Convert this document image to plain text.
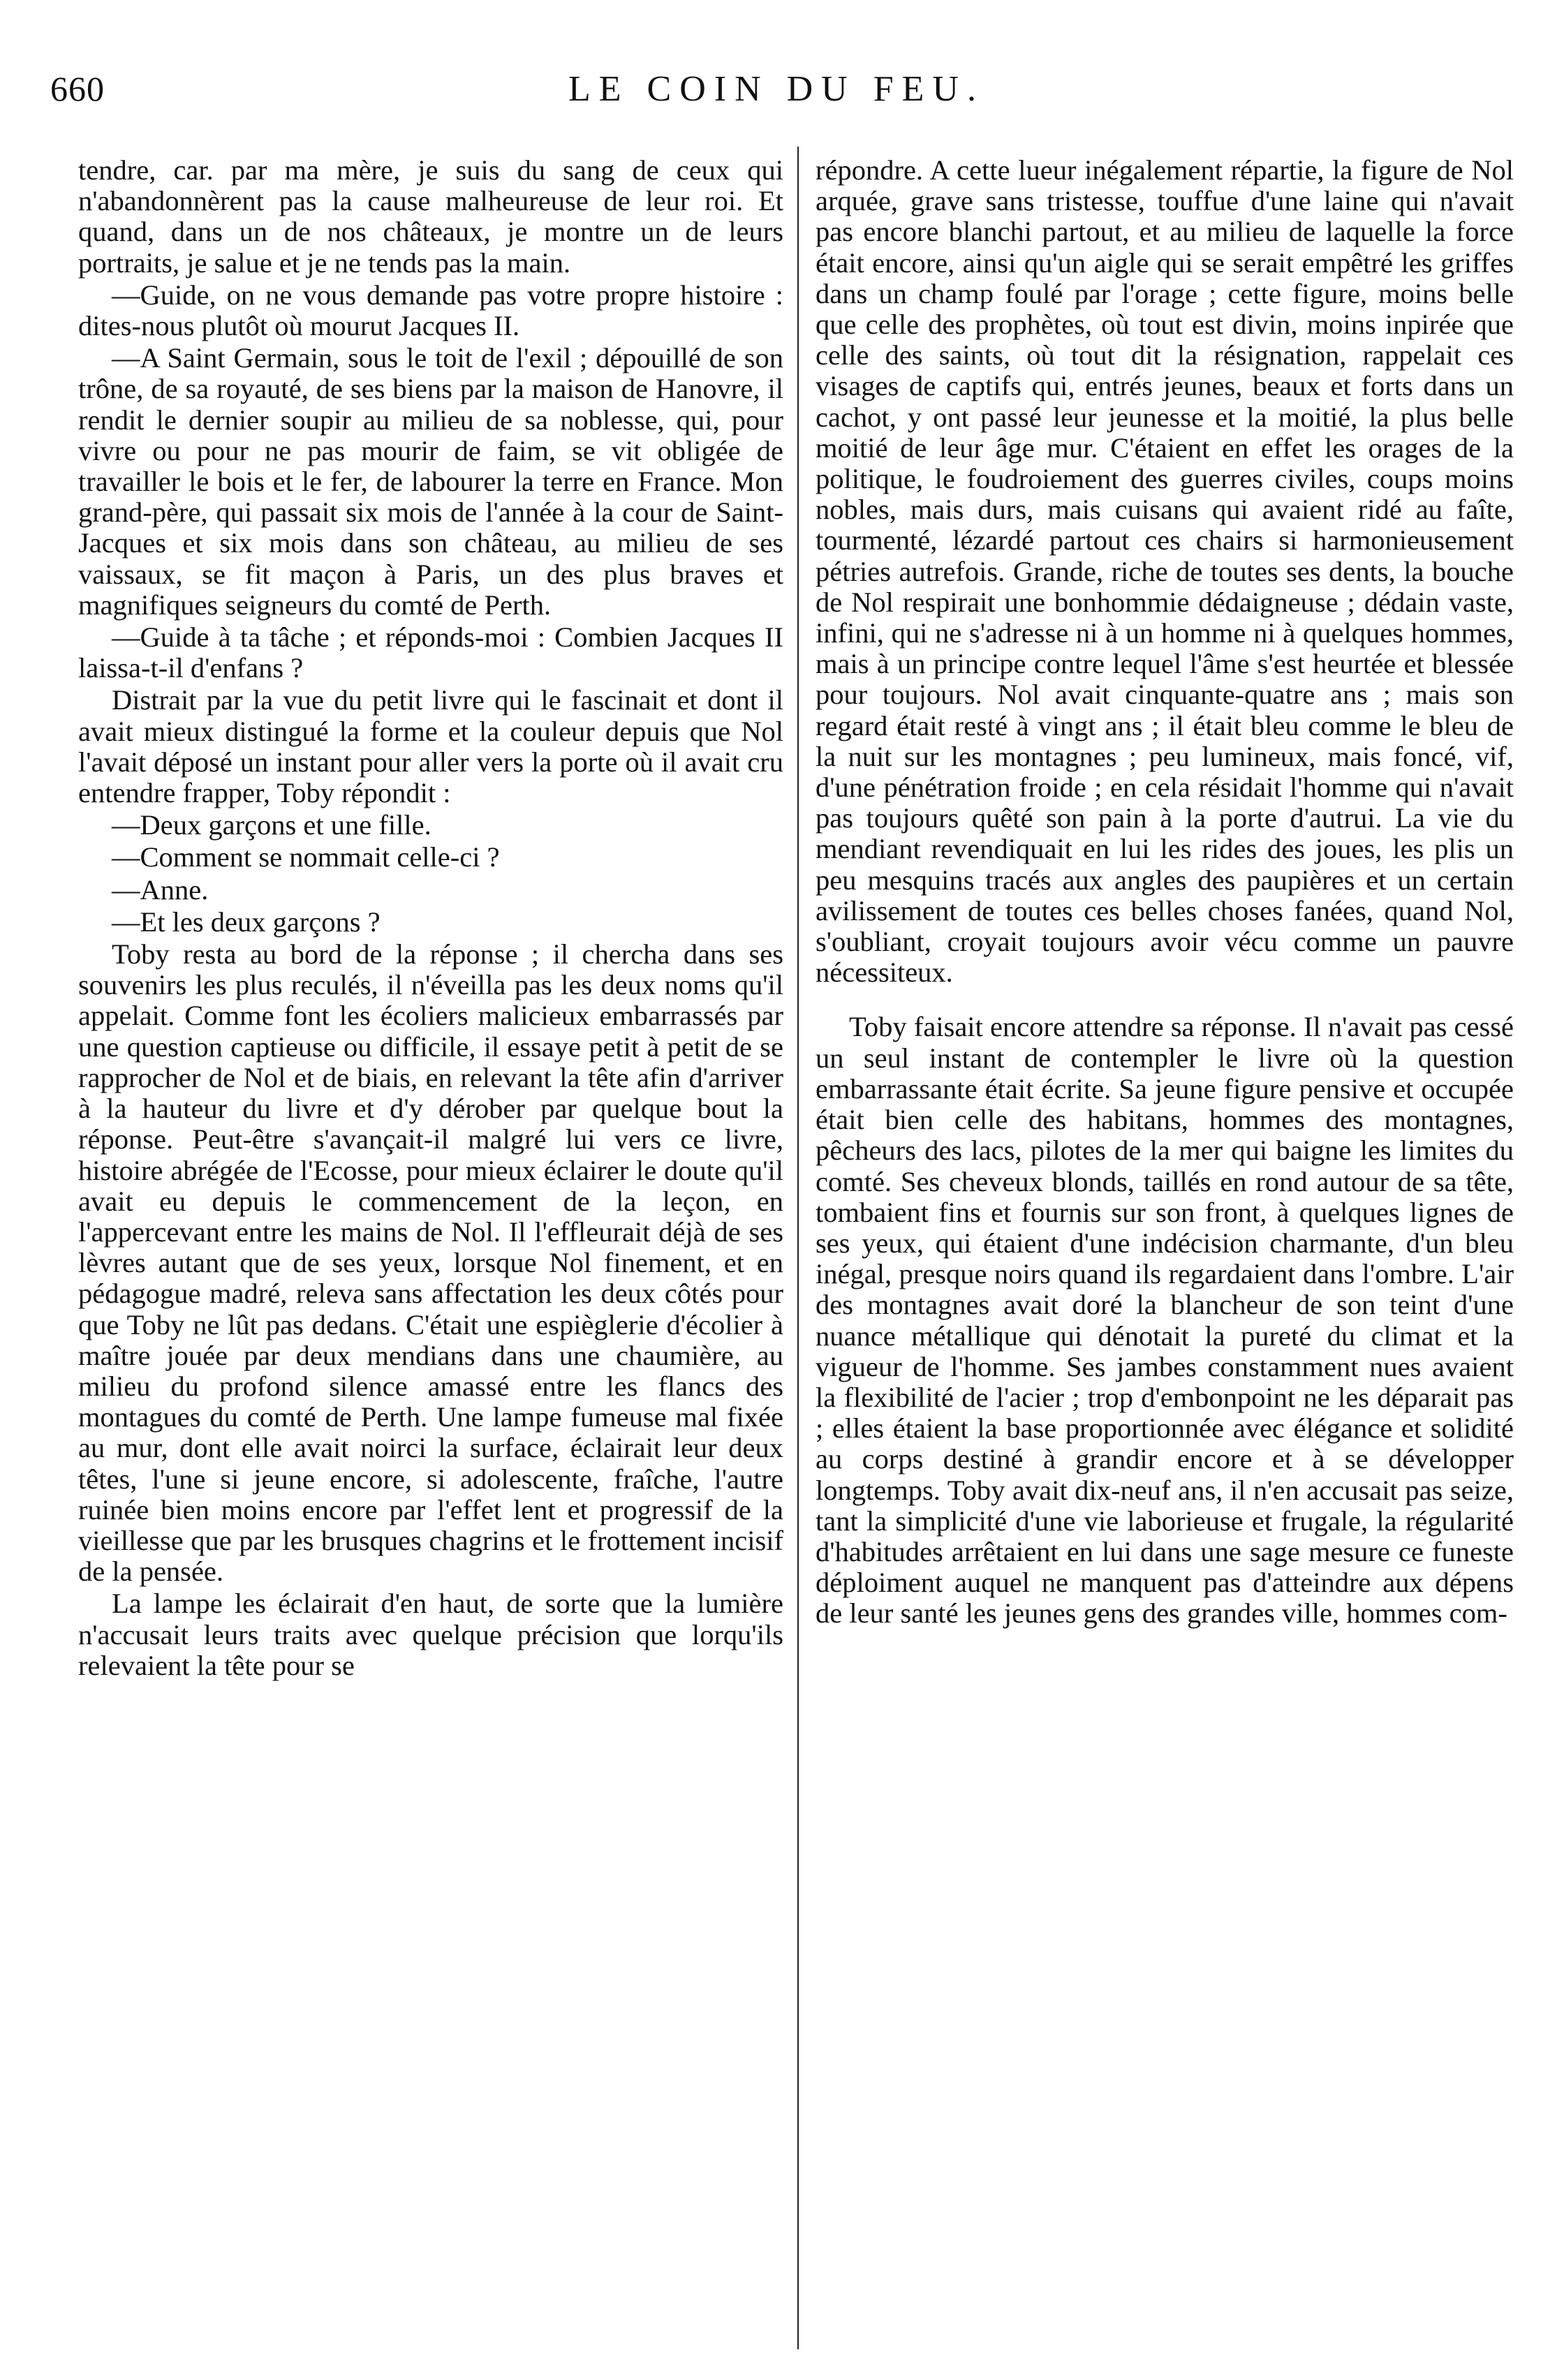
660	LE COIN DU FEU.

tendre, car. par ma mère, je suis du sang de ceux qui n'abandonnèrent pas la cause malheureuse de leur roi. Et quand, dans un de nos châteaux, je montre un de leurs portraits, je salue et je ne tends pas la main.

—Guide, on ne vous demande pas votre propre histoire : dites-nous plutôt où mourut Jacques II.

—A Saint Germain, sous le toit de l'exil ; dépouillé de son trône, de sa royauté, de ses biens par la maison de Hanovre, il rendit le dernier soupir au milieu de sa noblesse, qui, pour vivre ou pour ne pas mourir de faim, se vit obligée de travailler le bois et le fer, de labourer la terre en France. Mon grand-père, qui passait six mois de l'année à la cour de Saint-Jacques et six mois dans son château, au milieu de ses vaissaux, se fit maçon à Paris, un des plus braves et magnifiques seigneurs du comté de Perth.

—Guide à ta tâche ; et réponds-moi : Combien Jacques II laissa-t-il d'enfans ?

Distrait par la vue du petit livre qui le fascinait et dont il avait mieux distingué la forme et la couleur depuis que Nol l'avait déposé un instant pour aller vers la porte où il avait cru entendre frapper, Toby répondit :

—Deux garçons et une fille.

—Comment se nommait celle-ci ?

—Anne.

—Et les deux garçons ?

Toby resta au bord de la réponse ; il chercha dans ses souvenirs les plus reculés, il n'éveilla pas les deux noms qu'il appelait. Comme font les écoliers malicieux embarrassés par une question captieuse ou difficile, il essaye petit à petit de se rapprocher de Nol et de biais, en relevant la tête afin d'arriver à la hauteur du livre et d'y dérober par quelque bout la réponse. Peut-être s'avançait-il malgré lui vers ce livre, histoire abrégée de l'Ecosse, pour mieux éclairer le doute qu'il avait eu depuis le commencement de la leçon, en l'appercevant entre les mains de Nol. Il l'effleurait déjà de ses lèvres autant que de ses yeux, lorsque Nol finement, et en pédagogue madré, releva sans affectation les deux côtés pour que Toby ne lût pas dedans. C'était une espièglerie d'écolier à maître jouée par deux mendians dans une chaumière, au milieu du profond silence amassé entre les flancs des montagues du comté de Perth. Une lampe fumeuse mal fixée au mur, dont elle avait noirci la surface, éclairait leur deux têtes, l'une si jeune encore, si adolescente, fraîche, l'autre ruinée bien moins encore par l'effet lent et progressif de la vieillesse que par les brusques chagrins et le frottement incisif de la pensée.

La lampe les éclairait d'en haut, de sorte que la lumière n'accusait leurs traits avec quelque précision que lorqu'ils relevaient la tête pour se

répondre. A cette lueur inégalement répartie, la figure de Nol arquée, grave sans tristesse, touffue d'une laine qui n'avait pas encore blanchi partout, et au milieu de laquelle la force était encore, ainsi qu'un aigle qui se serait empêtré les griffes dans un champ foulé par l'orage ; cette figure, moins belle que celle des prophètes, où tout est divin, moins inpirée que celle des saints, où tout dit la résignation, rappelait ces visages de captifs qui, entrés jeunes, beaux et forts dans un cachot, y ont passé leur jeunesse et la moitié, la plus belle moitié de leur âge mur. C'étaient en effet les orages de la politique, le foudroiement des guerres civiles, coups moins nobles, mais durs, mais cuisans qui avaient ridé au faîte, tourmenté, lézardé partout ces chairs si harmonieusement pétries autrefois. Grande, riche de toutes ses dents, la bouche de Nol respirait une bonhommie dédaigneuse ; dédain vaste, infini, qui ne s'adresse ni à un homme ni à quelques hommes, mais à un principe contre lequel l'âme s'est heurtée et blessée pour toujours. Nol avait cinquante-quatre ans ; mais son regard était resté à vingt ans ; il était bleu comme le bleu de la nuit sur les montagnes ; peu lumineux, mais foncé, vif, d'une pénétration froide ; en cela résidait l'homme qui n'avait pas toujours quêté son pain à la porte d'autrui. La vie du mendiant revendiquait en lui les rides des joues, les plis un peu mesquins tracés aux angles des paupières et un certain avilissement de toutes ces belles choses fanées, quand Nol, s'oubliant, croyait toujours avoir vécu comme un pauvre nécessiteux.

Toby faisait encore attendre sa réponse. Il n'avait pas cessé un seul instant de contempler le livre où la question embarrassante était écrite. Sa jeune figure pensive et occupée était bien celle des habitans, hommes des montagnes, pêcheurs des lacs, pilotes de la mer qui baigne les limites du comté. Ses cheveux blonds, taillés en rond autour de sa tête, tombaient fins et fournis sur son front, à quelques lignes de ses yeux, qui étaient d'une indécision charmante, d'un bleu inégal, presque noirs quand ils regardaient dans l'ombre. L'air des montagnes avait doré la blancheur de son teint d'une nuance métallique qui dénotait la pureté du climat et la vigueur de l'homme. Ses jambes constamment nues avaient la flexibilité de l'acier ; trop d'embonpoint ne les déparait pas ; elles étaient la base proportionnée avec élégance et solidité au corps destiné à grandir encore et à se développer longtemps. Toby avait dix-neuf ans, il n'en accusait pas seize, tant la simplicité d'une vie laborieuse et frugale, la régularité d'habitudes arrêtaient en lui dans une sage mesure ce funeste déploiment auquel ne manquent pas d'atteindre aux dépens de leur santé les jeunes gens des grandes ville, hommes com-
